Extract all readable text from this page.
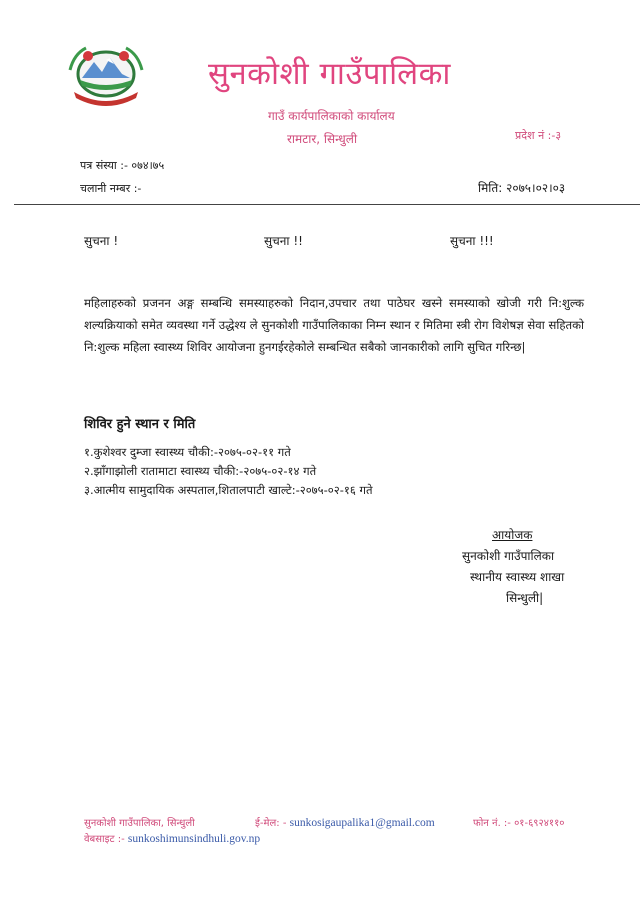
सुनकोशी गाउँपालिका
गाउँ कार्यपालिकाको कार्यालय
रामटार, सिन्धुली	प्रदेश नं :-३
पत्र संस्या :- ०७४।७५
चलानी नम्बर :-	मिति: २०७५।०२।०३
सुचना !	सुचना !!	सुचना !!!

महिलाहरुको प्रजनन अङ्ग सम्बन्धि समस्याहरुको निदान,उपचार तथा पाठेघर खस्ने समस्याको खोजी गरी नि:शुल्क शल्यक्रियाको समेत व्यवस्था गर्ने उद्धेश्य ले सुनकोशी गाउँपालिकाका निम्न स्थान र मितिमा स्त्री रोग विशेषज्ञ सेवा सहितको नि:शुल्क महिला स्वास्थ्य शिविर आयोजना हुनगईरहेकोले सम्बन्धित सबैको जानकारीको लागि सुचित गरिन्छ|

शिविर हुने स्थान र मिति
१.कुशेश्वर दुम्जा स्वास्थ्य चौकी:-२०७५-०२-११ गते
२.झाँगाझोली रातामाटा स्वास्थ्य चौकी:-२०७५-०२-१४ गते
३.आत्मीय सामुदायिक अस्पताल,शितालपाटी खाल्टे:-२०७५-०२-१६ गते
आयोजक
सुनकोशी गाउँपालिका
स्थानीय स्वास्थ्य शाखा
सिन्धुली|
सुनकोशी गाउँपालिका, सिन्धुली	ई-मेल: - sunkosigaupalika1@gmail.com	फोन नं. :- ०१-६९२४११०
वेबसाइट :- sunkoshimunsindhuli.gov.np
